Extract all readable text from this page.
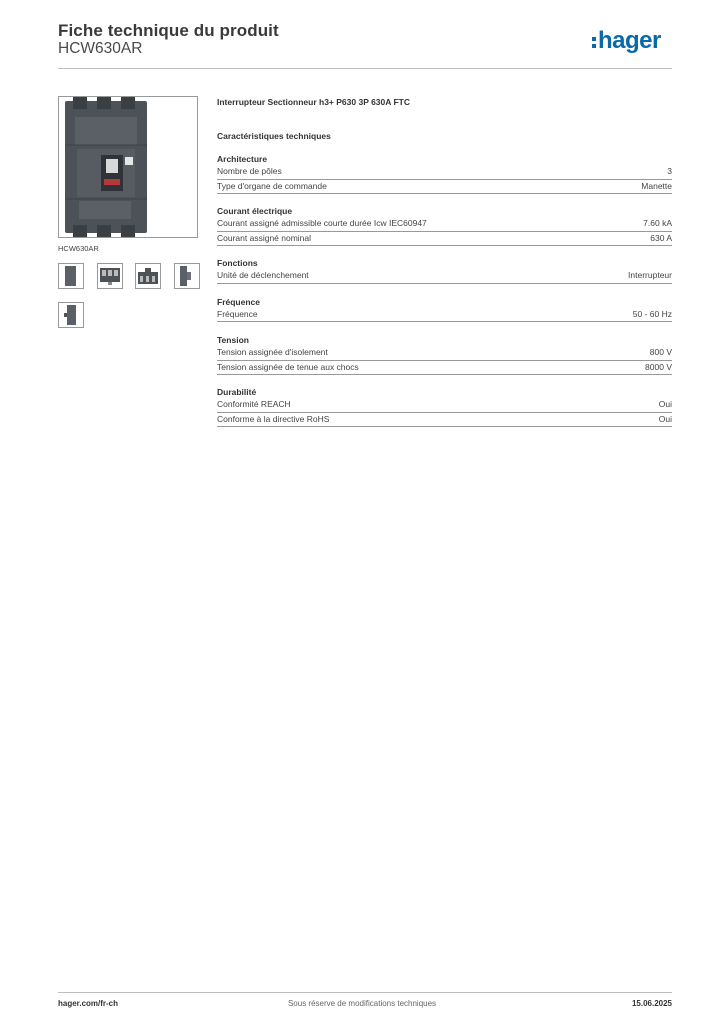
Fiche technique du produit
HCW630AR	hager
HCW630AR
Interrupteur Sectionneur h3+ P630 3P 630A FTC
Caractéristiques techniques
Architecture
Nombre de pôles	3
Type d'organe de commande	Manette
Courant électrique
Courant assigné admissible courte durée Icw IEC60947	7.60 kA
Courant assigné nominal	630 A
Fonctions
Unité de déclenchement	Interrupteur
Fréquence
Fréquence	50 - 60 Hz
Tension
Tension assignée d'isolement	800 V
Tension assignée de tenue aux chocs	8000 V
Durabilité
Conformité REACH	Oui
Conforme à la directive RoHS	Oui
hager.com/fr-ch	Sous réserve de modifications techniques	15.06.2025
